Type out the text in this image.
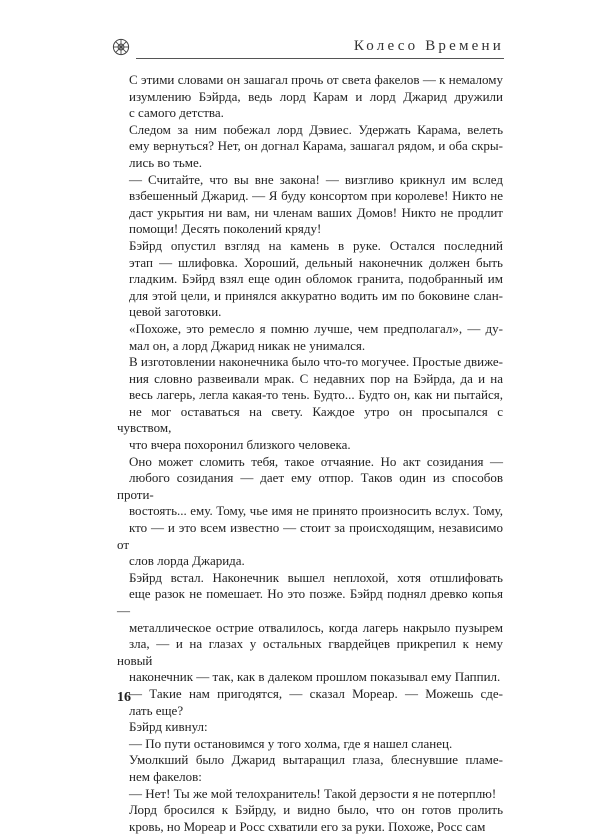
Колесо Времени

С этими словами он зашагал прочь от света факелов — к немалому
изумлению Бэйрда, ведь лорд Карам и лорд Джарид дружили
с самого детства.

Следом за ним побежал лорд Дэвиес. Удержать Карама, велеть
ему вернуться? Нет, он догнал Карама, зашагал рядом, и оба скры-
лись во тьме.

— Считайте, что вы вне закона! — визгливо крикнул им вслед
взбешенный Джарид. — Я буду консортом при королеве! Никто не
даст укрытия ни вам, ни членам ваших Домов! Никто не продлит
помощи! Десять поколений кряду!

Бэйрд опустил взгляд на камень в руке. Остался последний
этап — шлифовка. Хороший, дельный наконечник должен быть
гладким. Бэйрд взял еще один обломок гранита, подобранный им
для этой цели, и принялся аккуратно водить им по боковине слан-
цевой заготовки.

«Похоже, это ремесло я помню лучше, чем предполагал», — ду-
мал он, а лорд Джарид никак не унимался.

В изготовлении наконечника было что-то могучее. Простые движе-
ния словно развеивали мрак. С недавних пор на Бэйрда, да и на
весь лагерь, легла какая-то тень. Будто... Будто он, как ни пытайся,
не мог оставаться на свету. Каждое утро он просыпался с чувством,
что вчера похоронил близкого человека.

Оно может сломить тебя, такое отчаяние. Но акт созидания —
любого созидания — дает ему отпор. Таков один из способов проти-
востоять... ему. Тому, чье имя не принято произносить вслух. Тому,
кто — и это всем известно — стоит за происходящим, независимо от
слов лорда Джарида.

Бэйрд встал. Наконечник вышел неплохой, хотя отшлифовать
еще разок не помешает. Но это позже. Бэйрд поднял древко копья —
металлическое острие отвалилось, когда лагерь накрыло пузырем
зла, — и на глазах у остальных гвардейцев прикрепил к нему новый
наконечник — так, как в далеком прошлом показывал ему Паппил.

— Такие нам пригодятся, — сказал Мореар. — Можешь сде-
лать еще?

Бэйрд кивнул:

— По пути остановимся у того холма, где я нашел сланец.

Умолкший было Джарид вытаращил глаза, блеснувшие пламе-
нем факелов:

— Нет! Ты же мой телохранитель! Такой дерзости я не потерплю!

Лорд бросился к Бэйрду, и видно было, что он готов пролить
кровь, но Мореар и Росс схватили его за руки. Похоже, Росс сам

16
